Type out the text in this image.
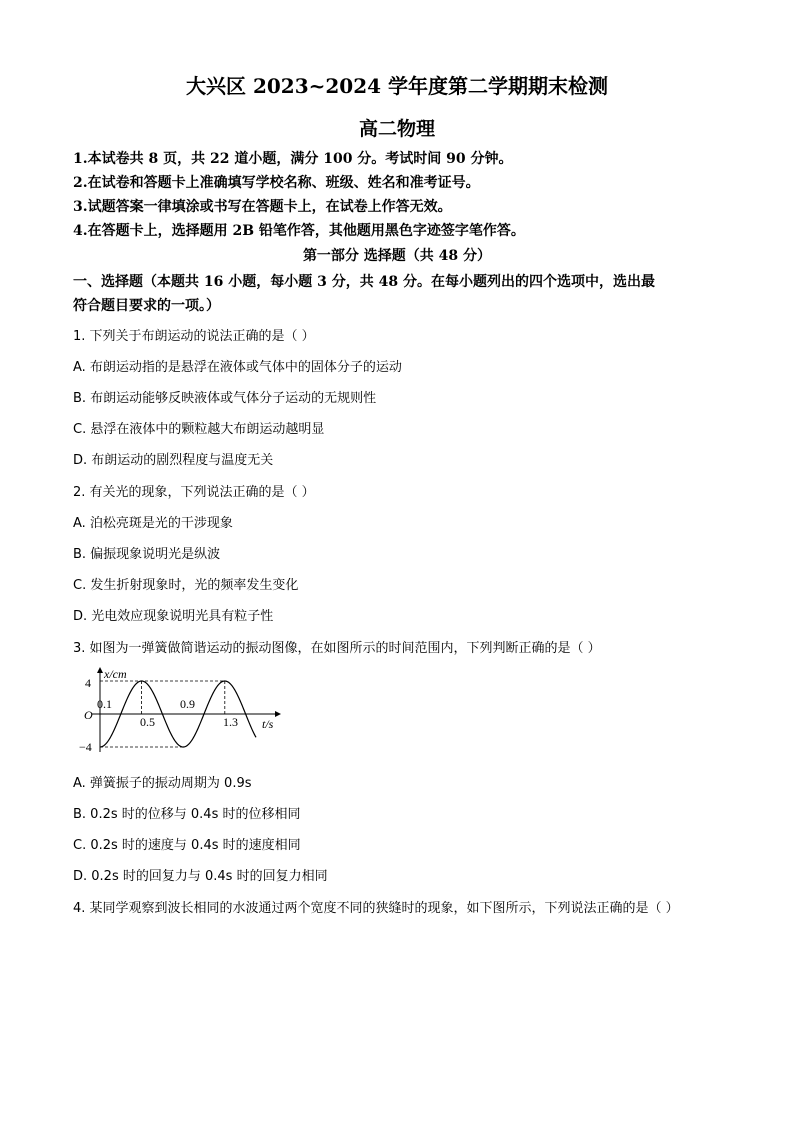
大兴区 2023~2024 学年度第二学期期末检测
高二物理
1.本试卷共 8 页，共 22 道小题，满分 100 分。考试时间 90 分钟。
2.在试卷和答题卡上准确填写学校名称、班级、姓名和准考证号。
3.试题答案一律填涂或书写在答题卡上，在试卷上作答无效。
4.在答题卡上，选择题用 2B 铅笔作答，其他题用黑色字迹签字笔作答。
第一部分 选择题（共 48 分）
一、选择题（本题共 16 小题，每小题 3 分，共 48 分。在每小题列出的四个选项中，选出最
符合题目要求的一项。）
1. 下列关于布朗运动的说法正确的是（ ）
A. 布朗运动指的是悬浮在液体或气体中的固体分子的运动
B. 布朗运动能够反映液体或气体分子运动的无规则性
C. 悬浮在液体中的颗粒越大布朗运动越明显
D. 布朗运动的剧烈程度与温度无关
2. 有关光的现象，下列说法正确的是（ ）
A. 泊松亮斑是光的干涉现象
B. 偏振现象说明光是纵波
C. 发生折射现象时，光的频率发生变化
D. 光电效应现象说明光具有粒子性
3. 如图为一弹簧做简谐运动的振动图像，在如图所示的时间范围内，下列判断正确的是（ ）
x/cm
t/s
O
4
−4
0.1
0.5
0.9
1.3
A. 弹簧振子的振动周期为 0.9s
B. 0.2s 时的位移与 0.4s 时的位移相同
C. 0.2s 时的速度与 0.4s 时的速度相同
D. 0.2s 时的回复力与 0.4s 时的回复力相同
4. 某同学观察到波长相同的水波通过两个宽度不同的狭缝时的现象，如下图所示，下列说法正确的是（ ）
